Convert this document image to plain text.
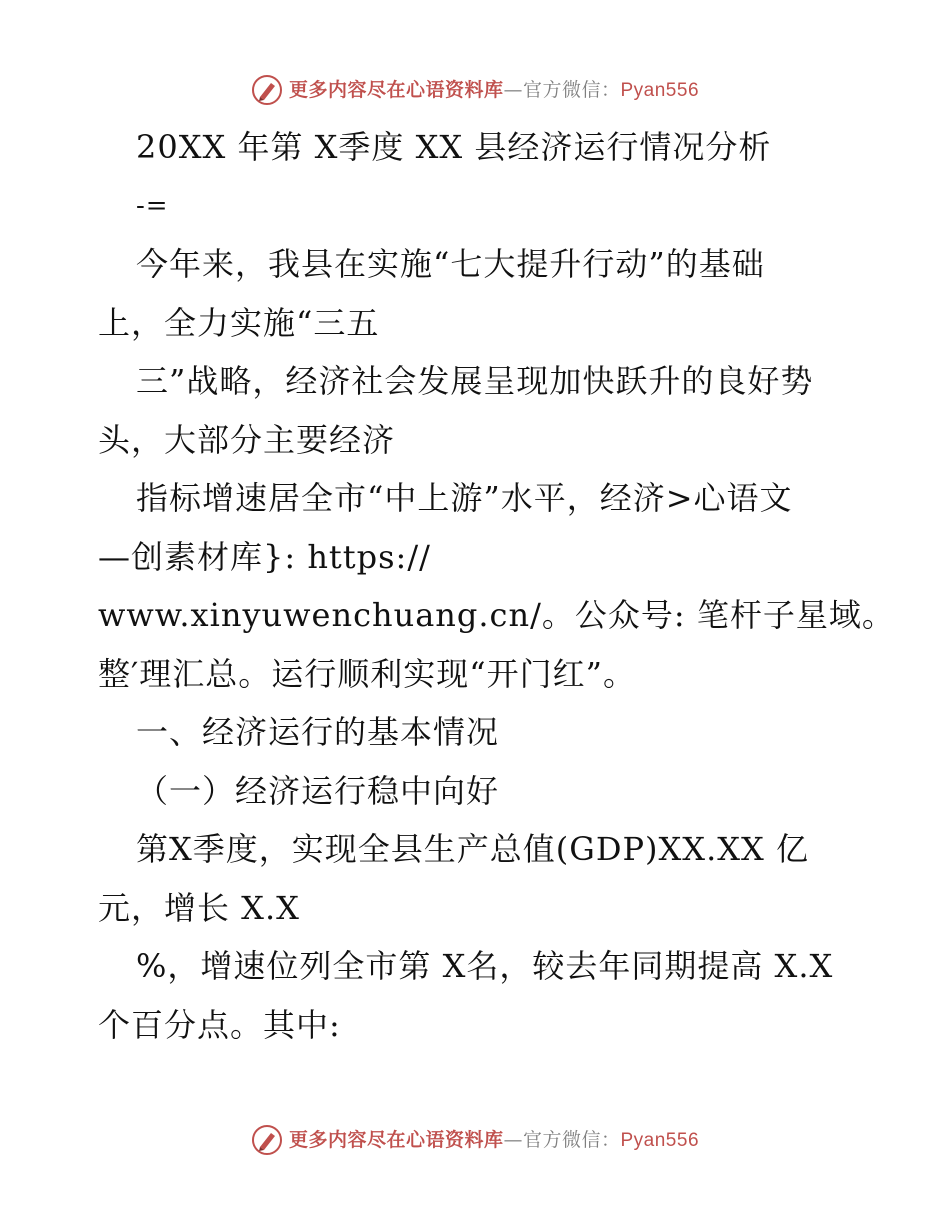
更多内容尽在心语资料库—官方微信：Pyan556
20XX 年第 X季度 XX 县经济运行情况分析
-=
今年来，我县在实施“七大提升行动”的基础
上，全力实施“三五
三”战略，经济社会发展呈现加快跃升的良好势
头，大部分主要经济
指标增速居全市“中上游”水平，经济>心语文
—创素材库}: https://
www.xinyuwenchuang.cn/。公众号: 笔杆子星域。
整′理汇总。运行顺利实现“开门红”。
一、经济运行的基本情况
（一）经济运行稳中向好
第X季度，实现全县生产总值(GDP)XX.XX 亿
元，增长 X.X
%，增速位列全市第 X名，较去年同期提高 X.X
个百分点。其中:
更多内容尽在心语资料库—官方微信：Pyan556
